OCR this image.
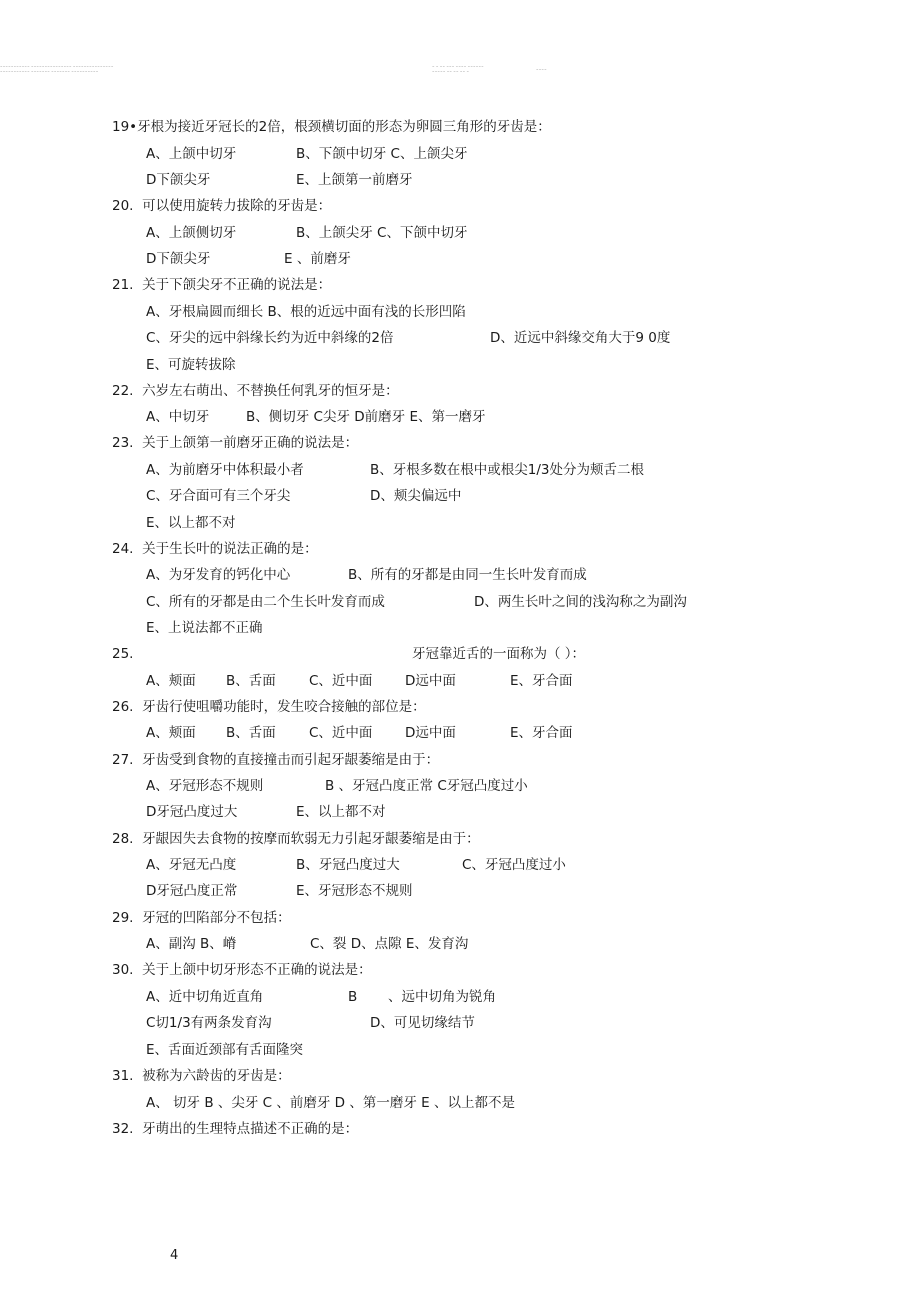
~~~~~~~~~~~ ~~~~~~~~~~~~~~~ ~~~~~~~~~~~~~~~
~~~~~~~~~~~ ~~~~~~~ ~~~~~~~ ~~~~~~~~~~
~ ~ ~~ ~~~ ~~~~ ~~~~~~
~~~~~ ~~ ~~ ~~ ~	~~~~
19•牙根为接近牙冠长的2倍，根颈横切面的形态为卵圆三角形的牙齿是：
A、上颌中切牙	B、下颌中切牙 C、上颌尖牙
D下颌尖牙	E、上颌第一前磨牙
20. 可以使用旋转力拔除的牙齿是：
A、上颌侧切牙	B、上颌尖牙 C、下颌中切牙
D下颌尖牙	E 、前磨牙
21. 关于下颌尖牙不正确的说法是：
A、牙根扁圆而细长 B、根的近远中面有浅的长形凹陷
C、牙尖的远中斜缘长约为近中斜缘的2倍	D、近远中斜缘交角大于9 0度
E、可旋转拔除
22. 六岁左右萌出、不替换任何乳牙的恒牙是：
A、中切牙	B、侧切牙 C尖牙 D前磨牙 E、第一磨牙
23. 关于上颌第一前磨牙正确的说法是：
A、为前磨牙中体积最小者	B、牙根多数在根中或根尖1/3处分为颊舌二根
C、牙合面可有三个牙尖	D、颊尖偏远中
E、以上都不对
24. 关于生长叶的说法正确的是：
A、为牙发育的钙化中心	B、所有的牙都是由同一生长叶发育而成
C、所有的牙都是由二个生长叶发育而成	D、两生长叶之间的浅沟称之为副沟
E、上说法都不正确
25.	牙冠靠近舌的一面称为（ ）：
A、颊面 B、舌面 C、近中面 D远中面	E、牙合面
26. 牙齿行使咀嚼功能时，发生咬合接触的部位是：
A、颊面 B、舌面 C、近中面 D远中面	E、牙合面
27. 牙齿受到食物的直接撞击而引起牙龈萎缩是由于：
A、牙冠形态不规则	B 、牙冠凸度正常 C牙冠凸度过小
D牙冠凸度过大	E、以上都不对
28. 牙龈因失去食物的按摩而软弱无力引起牙龈萎缩是由于：
A、牙冠无凸度	B、牙冠凸度过大	C、牙冠凸度过小
D牙冠凸度正常	E、牙冠形态不规则
29. 牙冠的凹陷部分不包括：
A、副沟 B、嵴	C、裂 D、点隙 E、发育沟
30. 关于上颌中切牙形态不正确的说法是：
A、近中切角近直角	B 、远中切角为锐角
C切1/3有两条发育沟	D、可见切缘结节
E、舌面近颈部有舌面隆突
31. 被称为六龄齿的牙齿是：
A、 切牙 B 、尖牙 C 、前磨牙 D 、第一磨牙 E 、以上都不是
32. 牙萌出的生理特点描述不正确的是：
4
